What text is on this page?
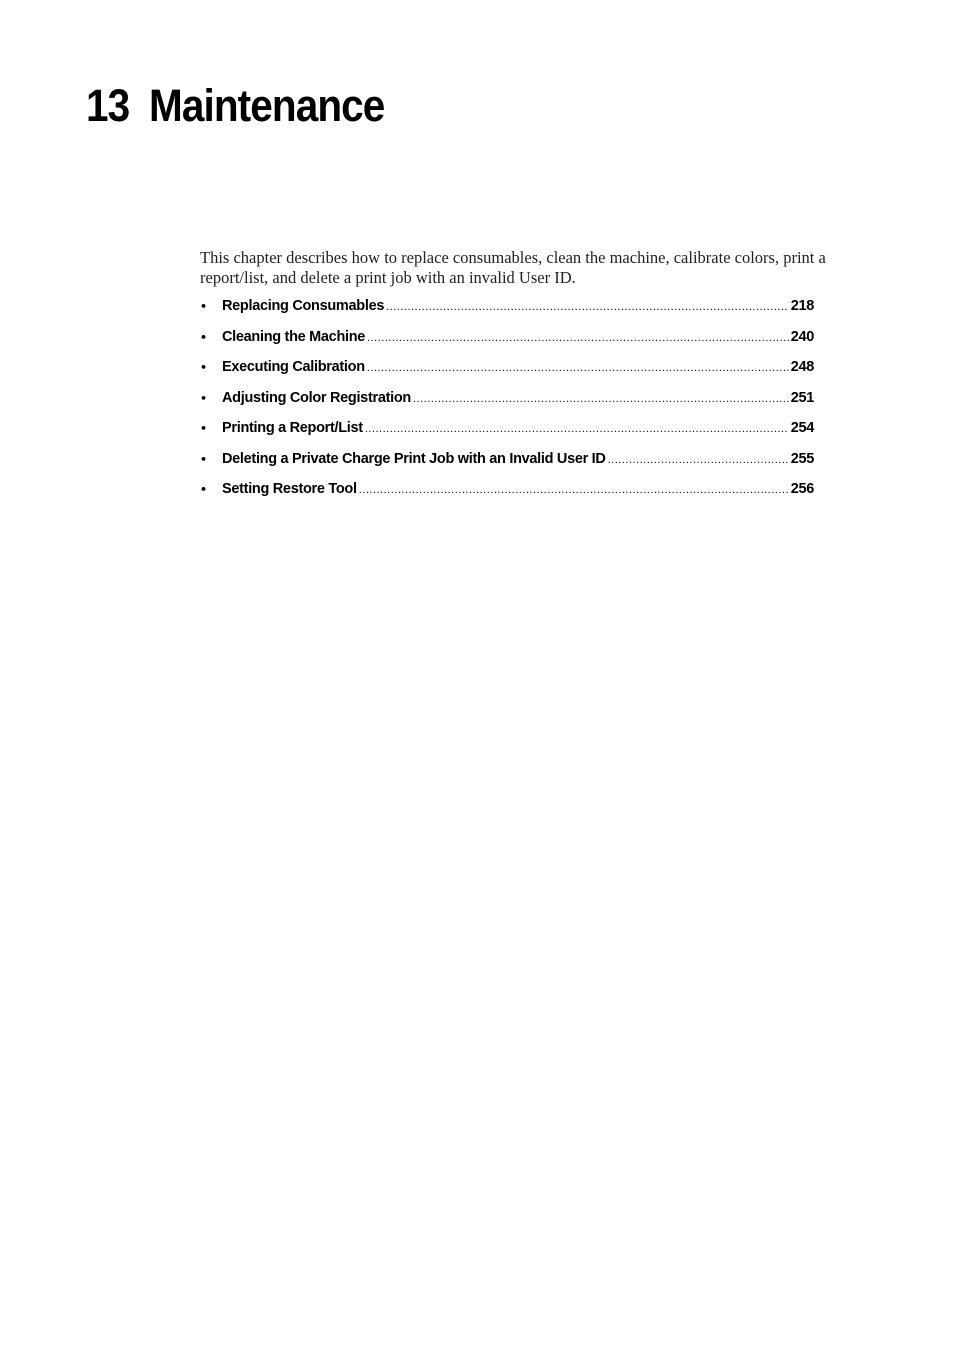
13 Maintenance

This chapter describes how to replace consumables, clean the machine, calibrate colors, print a report/list, and delete a print job with an invalid User ID.

•	Replacing Consumables .....	218
•	Cleaning the Machine .....	240
•	Executing Calibration .....	248
•	Adjusting Color Registration .....	251
•	Printing a Report/List .....	254
•	Deleting a Private Charge Print Job with an Invalid User ID .....	255
•	Setting Restore Tool .....	256
